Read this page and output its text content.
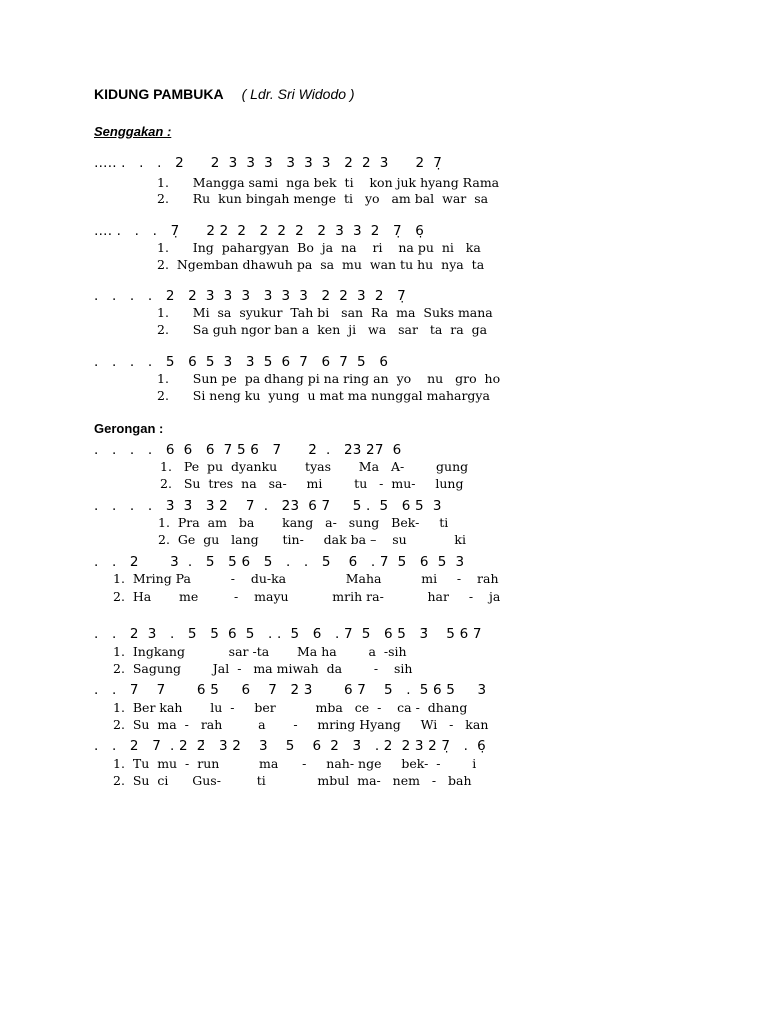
KIDUNG PAMBUKA ( Ldr. Sri Widodo )
Senggakan :
….. .   .   .   2      2  3  3  3   3  3  3   2  2  3      2  7̣
1.      Mangga sami  nga bek  ti    kon juk hyang Rama
2.      Ru  kun bingah menge  ti   yo   am bal  war  sa
…. .   .   .   7̣      2 2  2   2  2  2   2  3  3  2   7̣   6̣
1.      Ing  pahargyan  Bo  ja  na    ri    na pu  ni   ka
2.  Ngemban dhawuh pa  sa  mu  wan tu hu  nya  ta
.   .   .   .   2   2  3  3  3   3  3  3   2  2  3  2   7̣
1.      Mi  sa  syukur  Tah bi   san  Ra  ma  Suks mana
2.      Sa guh ngor ban a  ken  ji   wa   sar   ta  ra  ga
.   .   .   .   5   6  5  3   3  5  6  7   6  7  5   6
1.      Sun pe  pa dhang pi na ring an  yo    nu   gro  ho
2.      Si neng ku  yung  u mat ma nunggal mahargya
Gerongan :
.   .   .   .   6  6   6̄  7 5 6̄   7      2̇  .   2̇3̇ 2̇7  6
1.   Pe  pu  dyanku       tyas       Ma   A-        gung
2.   Su  tres  na   sa-     mi        tu   -  mu-     lung
.   .   .   .   3̇  3̄   3̇ 2̇    7  .   2̇3̇  6 7     5 .  5̄   6 5  3
1.  Pra  am   ba       kang   a-   sung   Bek-     ti
2.  Ge  gu   lang      tin-     dak ba –    su            ki
.   .   2       3  .   5̄   5 6   5   .   .   5    6̄   . 7  5̄   6  5  3
1.  Mring Pa          -    du-ka               Maha          mi     -    rah
2.  Ha       me         -    mayu           mrih ra-           har     -    ja
.   .   2  3   .   5̄   5  6  5   . .  5   6̄   . 7  5̄   6 5   3̄    5 6 7
1.  Ingkang           sar -ta       Ma ha        a  -sih
2.  Sagung        Jal  -   ma miwah  da        -    sih
.   .   7    7̄       6 5     6    7̄   2̇ 3̇       6 7    5   .  5 6̄ 5     3
1.  Ber kah       lu  -     ber          mba   ce  -    ca -  dhang
2.  Su  ma  -   rah         a       -     mring Hyang     Wi   -   kan
.   .   2   7̄  . 2  2̄   3 2    3    5    6  2   3̄   . 2  2 3 2 7̣   .  6̣
1.  Tu  mu  -  run          ma      -     nah- nge     bek-  -        i
2.  Su  ci      Gus-         ti             mbul  ma-   nem   -   bah
